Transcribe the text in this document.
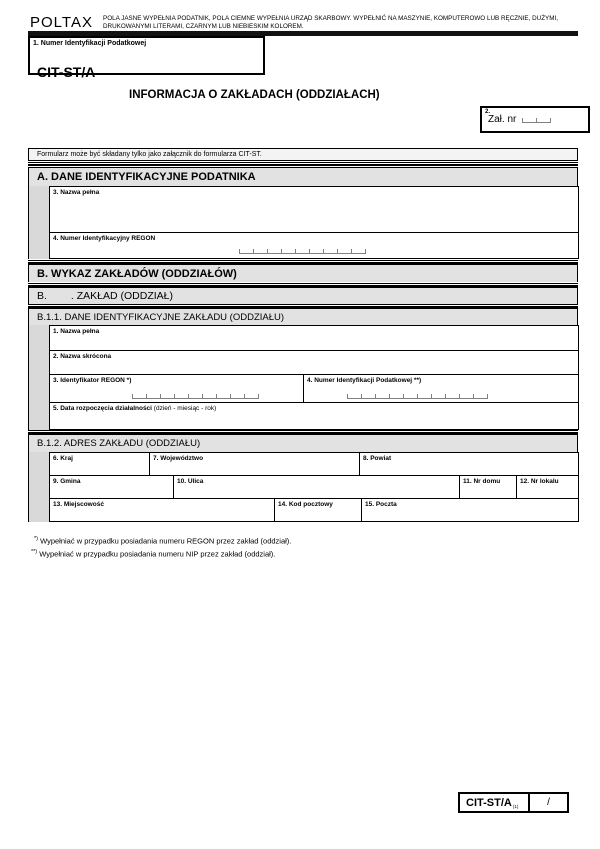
POLTAX POLA JASNE WYPEŁNIA PODATNIK, POLA CIEMNE WYPEŁNIA URZĄD SKARBOWY. WYPEŁNIĆ NA MASZYNIE, KOMPUTEROWO LUB RĘCZNIE, DUŻYMI, DRUKOWANYMI LITERAMI, CZARNYM LUB NIEBIESKIM KOLOREM.
1. Numer Identyfikacji Podatkowej
CIT-ST/A
INFORMACJA O ZAKŁADACH (ODDZIAŁACH)
2.
Zał. nr
Formularz może być składany tylko jako załącznik do formularza CIT-ST.
A. DANE IDENTYFIKACYJNE PODATNIKA
3. Nazwa pełna
4. Numer Identyfikacyjny REGON
B. WYKAZ ZAKŁADÓW (ODDZIAŁÓW)
B. . ZAKŁAD (ODDZIAŁ)
B.1.1. DANE IDENTYFIKACYJNE ZAKŁADU (ODDZIAŁU)
1. Nazwa pełna
2. Nazwa skrócona
3. Identyfikator REGON *)	4. Numer Identyfikacji Podatkowej **)
5. Data rozpoczęcia działalności (dzień - miesiąc - rok)
B.1.2. ADRES ZAKŁADU (ODDZIAŁU)
6. Kraj	7. Województwo	8. Powiat
9. Gmina	10. Ulica	11. Nr domu	12. Nr lokalu
13. Miejscowość	14. Kod pocztowy	15. Poczta
*) Wypełniać w przypadku posiadania numeru REGON przez zakład (oddział).
**) Wypełniać w przypadku posiadania numeru NIP przez zakład (oddział).
CIT-ST/A (1)	/
